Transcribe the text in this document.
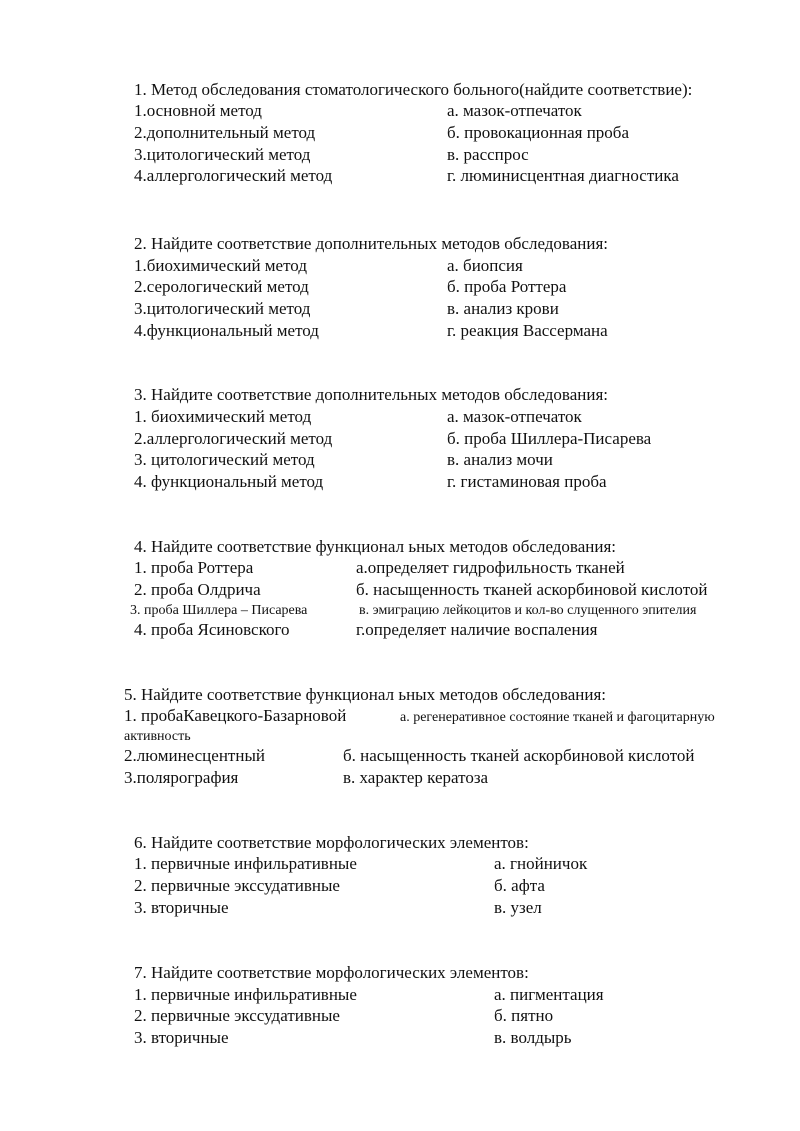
1. Метод обследования стоматологического больного(найдите соответствие):
1.основной метод	а. мазок-отпечаток
2.дополнительный метод	б. провокационная проба
3.цитологический метод	в. расспрос
4.аллергологический метод	г. люминисцентная диагностика
2. Найдите соответствие дополнительных методов обследования:
1.биохимический метод	а. биопсия
2.серологический метод	б. проба Роттера
3.цитологический метод	в. анализ крови
4.функциональный метод	г. реакция Вассермана
3. Найдите соответствие дополнительных методов обследования:
1. биохимический метод	а. мазок-отпечаток
2.аллергологический метод	б. проба Шиллера-Писарева
3. цитологический метод	в. анализ мочи
4. функциональный метод	г. гистаминовая проба
4. Найдите соответствие функционал ьных методов обследования:
1. проба Роттера	а.определяет гидрофильность тканей
2. проба Олдрича	б. насыщенность тканей аскорбиновой кислотой
3. проба Шиллера – Писарева	в. эмиграцию лейкоцитов и кол-во слущенного эпителия
4. проба Ясиновского	г.определяет наличие воспаления
5. Найдите соответствие функционал ьных методов обследования:
1. пробаКавецкого-Базарновой	а. регенеративное состояние тканей и фагоцитарную активность
2.люминесцентный	б. насыщенность тканей аскорбиновой кислотой
3.полярография	в. характер кератоза
6. Найдите соответствие морфологических элементов:
1. первичные инфильративные	а. гнойничок
2. первичные экссудативные	б. афта
3. вторичные	в. узел
7. Найдите соответствие морфологических элементов:
1. первичные инфильративные	а. пигментация
2. первичные экссудативные	б. пятно
3. вторичные	в. волдырь
